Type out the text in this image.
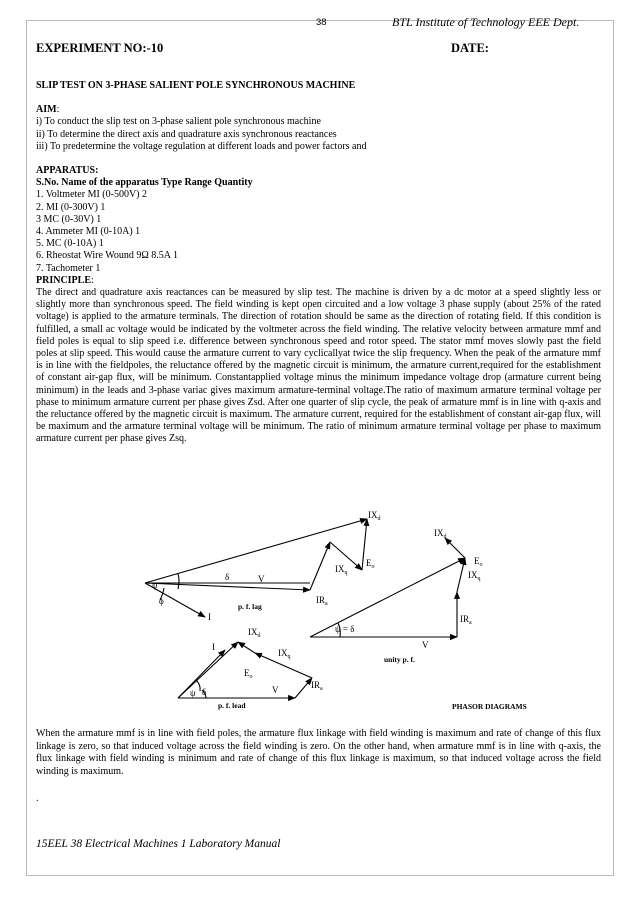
38	BTL Institute of Technology EEE Dept.
EXPERIMENT NO:-10	DATE:

SLIP TEST ON 3-PHASE SALIENT POLE SYNCHRONOUS MACHINE

AIM:

i) To conduct the slip test on 3-phase salient pole synchronous machine

ii) To determine the direct axis and quadrature axis synchronous reactances

iii) To predetermine the voltage regulation at different loads and power factors and

APPARATUS:

S.No. Name of the apparatus Type Range Quantity

1. Voltmeter MI (0-500V) 2

2. MI (0-300V) 1

3 MC (0-30V) 1

4. Ammeter MI (0-10A) 1

5. MC (0-10A) 1

6. Rheostat Wire Wound 9Ω 8.5A 1

7. Tachometer 1

PRINCIPLE:

The direct and quadrature axis reactances can be measured by slip test. The machine is driven by a dc motor at a speed slightly less or slightly more than synchronous speed. The field winding is kept open circuited and a low voltage 3 phase supply (about 25% of the rated voltage) is applied to the armature terminals. The direction of rotation should be same as the direction of rotating field. If this condition is fulfilled, a small ac voltage would be indicated by the voltmeter across the field winding. The relative velocity between armature mmf and field poles is equal to slip speed i.e. difference between synchronous speed and rotor speed. The stator mmf moves slowly past the field poles at slip speed. This would cause the armature current to vary cyclicallyat twice the slip frequency. When the peak of the armature mmf is in line with the fieldpoles, the reluctance offered by the magnetic circuit is minimum, the armature current,required for the establishment of constant air-gap flux, will be minimum. Constantapplied voltage minus the minimum impedance voltage drop (armature current being minimum) in the leads and 3-phase variac gives maximum armature-terminal voltage.The ratio of maximum armature terminal voltage per phase to minimum armature current per phase gives Zsd. After one quarter of slip cycle, the peak of armature mmf is in line with q-axis and the reluctance offered by the magnetic circuit is maximum. The armature current, required for the establishment of constant air-gap flux, will be maximum and the armature terminal voltage will be minimum. The ratio of minimum armature terminal voltage per phase to maximum armature current per phase gives Zsq.

δ
ϕ
ψ
V
I
$IR_a$
$IX_q$
$IX_d$
$E_o$
p. f. lag
ψ = δ
V
$IR_a$
$IX_q$
$IX_d$
$E_o$
unity p. f.
ψ δ
I
V	$IR_a$
$IX_q$
$IX_d$
$E_o$
p. f. lead	PHASOR DIAGRAMS

When the armature mmf is in line with field poles, the armature flux linkage with field winding is maximum and rate of change of this flux linkage is zero, so that induced voltage across the field winding is zero. On the other hand, when armature mmf is in line with q-axis, the flux linkage with field winding is minimum and rate of change of this flux linkage is maximum, so that induced voltage across the field winding is maximum.

.
15EEL 38 Electrical Machines 1 Laboratory Manual
